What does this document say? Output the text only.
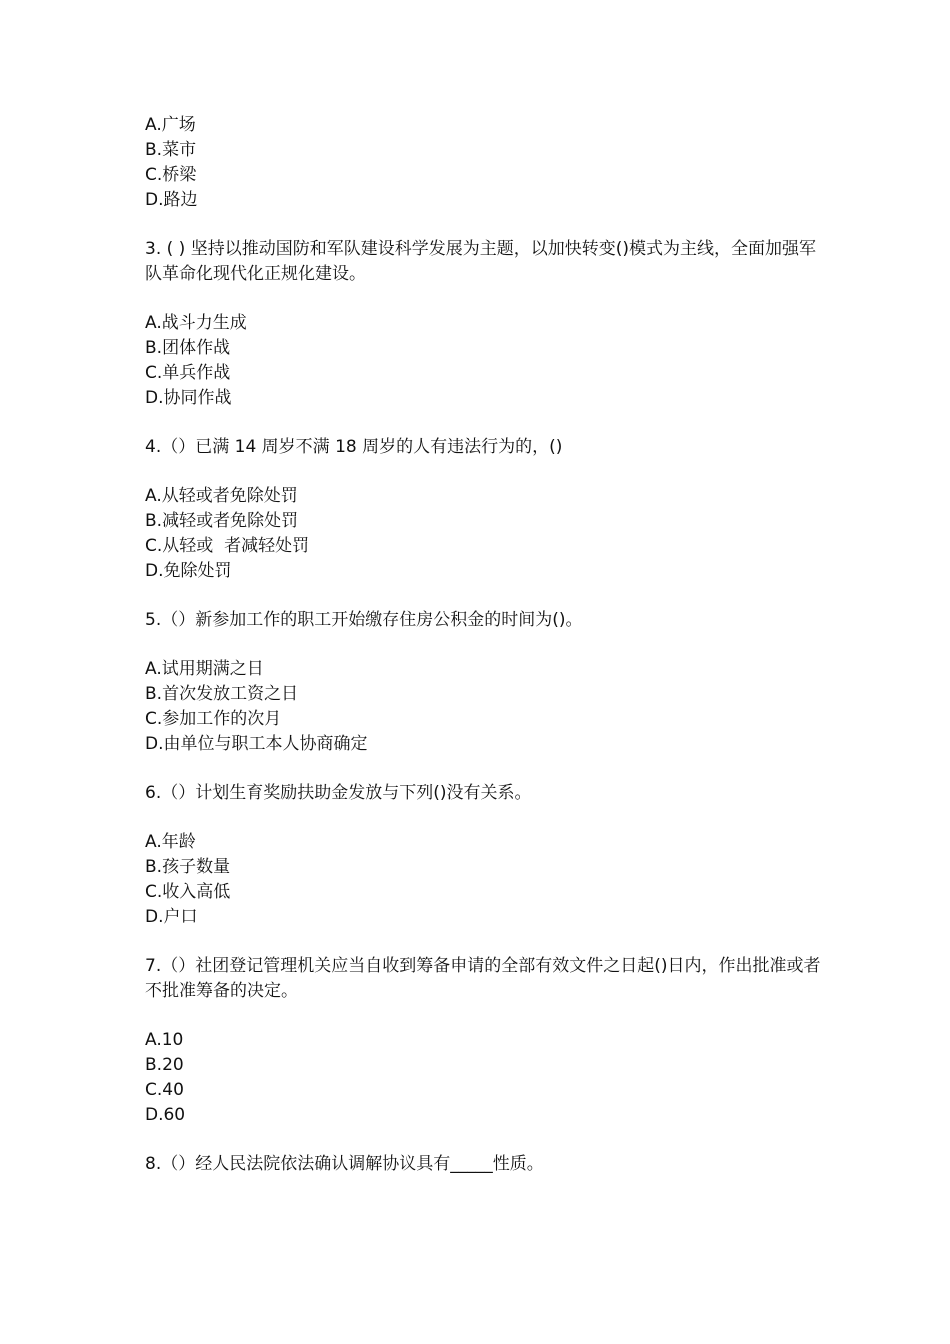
A.广场
B.菜市
C.桥梁
D.路边

3. ( ) 坚持以推动国防和军队建设科学发展为主题，以加快转变()模式为主线，全面加强军队革命化现代化正规化建设。

A.战斗力生成
B.团体作战
C.单兵作战
D.协同作战

4.（）已满 14 周岁不满 18 周岁的人有违法行为的，()

A.从轻或者免除处罚
B.减轻或者免除处罚
C.从轻或  者减轻处罚
D.免除处罚

5.（）新参加工作的职工开始缴存住房公积金的时间为()。

A.试用期满之日
B.首次发放工资之日
C.参加工作的次月
D.由单位与职工本人协商确定

6.（）计划生育奖励扶助金发放与下列()没有关系。

A.年龄
B.孩子数量
C.收入高低
D.户口

7.（）社团登记管理机关应当自收到筹备申请的全部有效文件之日起()日内，作出批准或者不批准筹备的决定。

A.10
B.20
C.40
D.60

8.（）经人民法院依法确认调解协议具有_____性质。
